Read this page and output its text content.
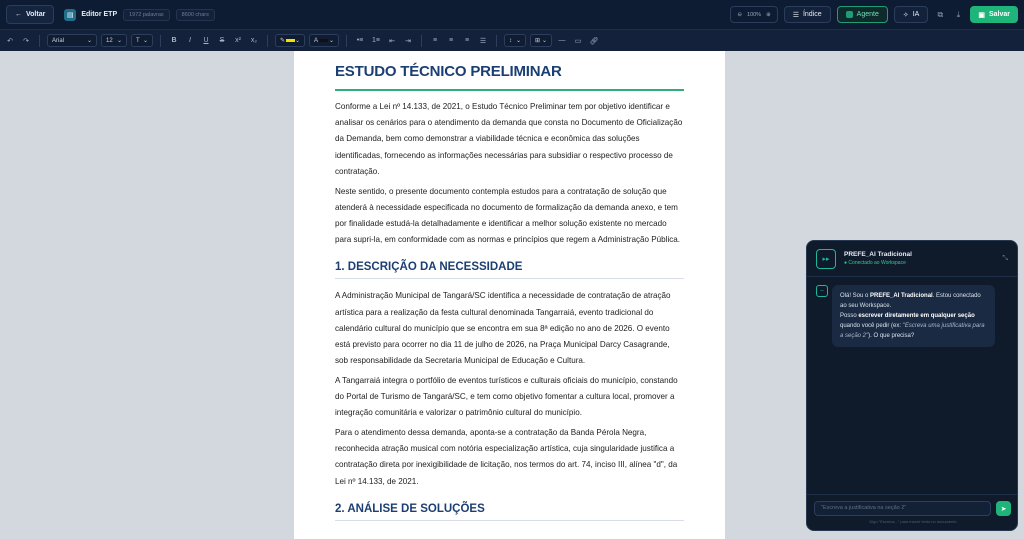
← Voltar	▤	Editor ETP	1972 palavras	8600 chars	⊖ 100% ⊕	☰ Índice	Agente	✧ IA	⧉	⤓	▣ Salvar
↶	↷	Arial	⌄ 12 ⌄ T ⌄	B	I	U	S	x²	x₂	✎ ⌄ A ⌄	•≡	1≡	⇤	⇥	≡	≡	≡	☰	↕ ⌄ ⊞ ⌄	—	▭	🔗︎
ESTUDO TÉCNICO PRELIMINAR

Conforme a Lei nº 14.133, de 2021, o Estudo Técnico Preliminar tem por objetivo identificar e analisar os cenários para o atendimento da demanda que consta no Documento de Oficialização da Demanda, bem como demonstrar a viabilidade técnica e econômica das soluções identificadas, fornecendo as informações necessárias para subsidiar o respectivo processo de contratação.

Neste sentido, o presente documento contempla estudos para a contratação de solução que atenderá à necessidade especificada no documento de formalização da demanda anexo, e tem por finalidade estudá-la detalhadamente e identificar a melhor solução existente no mercado para supri-la, em conformidade com as normas e princípios que regem a Administração Pública.

1. DESCRIÇÃO DA NECESSIDADE

A Administração Municipal de Tangará/SC identifica a necessidade de contratação de atração artística para a realização da festa cultural denominada Tangarraiá, evento tradicional do calendário cultural do município que se encontra em sua 8ª edição no ano de 2026. O evento está previsto para ocorrer no dia 11 de julho de 2026, na Praça Municipal Darcy Casagrande, sob responsabilidade da Secretaria Municipal de Educação e Cultura.

A Tangarraiá integra o portfólio de eventos turísticos e culturais oficiais do município, constando do Portal de Turismo de Tangará/SC, e tem como objetivo fomentar a cultura local, promover a integração comunitária e valorizar o patrimônio cultural do município.

Para o atendimento dessa demanda, aponta-se a contratação da Banda Pérola Negra, reconhecida atração musical com notória especialização artística, cuja singularidade justifica a contratação direta por inexigibilidade de licitação, nos termos do art. 74, inciso III, alínea "d", da Lei nº 14.133, de 2021.

2. ANÁLISE DE SOLUÇÕES
▸▸
PREFE_AI Tradicional
● Conectado ao Workspace
⤡
–
Olá! Sou o PREFE_AI Tradicional. Estou conectado ao seu Workspace.
Posso escrever diretamente em qualquer seção quando você pedir (ex: "Escreva uma justificativa para a seção 2"). O que precisa?
"Escreva a justificativa na seção 2"	➤
Digo "Escreva..." para inserir texto no documento
